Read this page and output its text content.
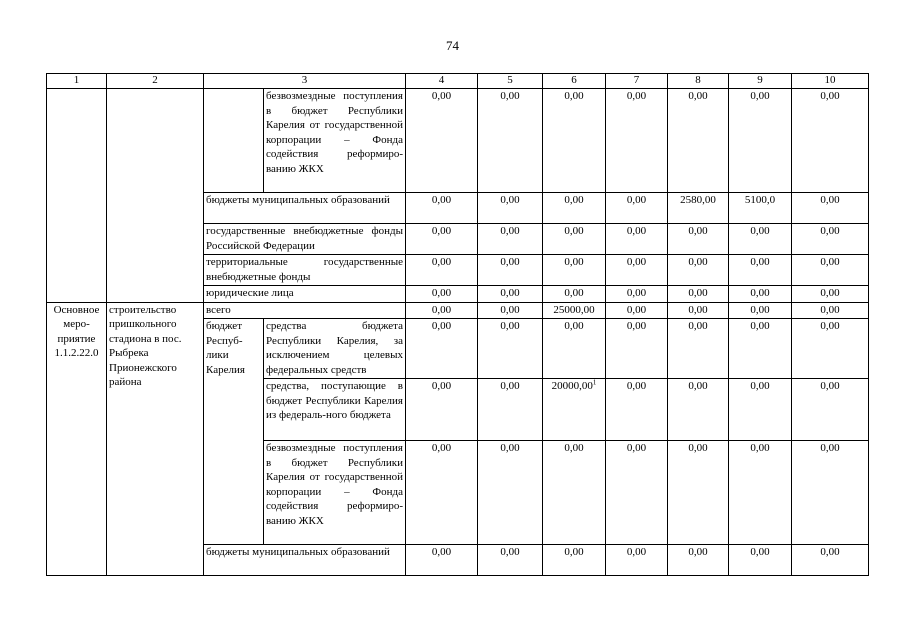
74
1	2	3		4	5	6	7	8	9	10
			безвозмездные поступления в бюджет Республики Карелия от государственной корпорации – Фонда содействия реформиро-ванию ЖКХ	0,00	0,00	0,00	0,00	0,00	0,00	0,00
		бюджеты муниципальных образований		0,00	0,00	0,00	0,00	2580,00	5100,0	0,00
		государственные внебюджетные фонды Российской Федерации		0,00	0,00	0,00	0,00	0,00	0,00	0,00
		территориальные государственные внебюджетные фонды		0,00	0,00	0,00	0,00	0,00	0,00	0,00
		юридические лица		0,00	0,00	0,00	0,00	0,00	0,00	0,00
Основное меро-приятие 1.1.2.22.0	строительство пришкольного стадиона в пос. Рыбрека Прионежского района	всего		0,00	0,00	25000,00	0,00	0,00	0,00	0,00
		бюджет Респуб-лики Карелия	средства бюджета Республики Карелия, за исключением целевых федеральных средств	0,00	0,00	0,00	0,00	0,00	0,00	0,00
			средства, поступающие в бюджет Республики Карелия из федераль-ного бюджета	0,00	0,00	20000,00$^1$	0,00	0,00	0,00	0,00
			безвозмездные поступления в бюджет Республики Карелия от государственной корпорации – Фонда содействия реформиро-ванию ЖКХ	0,00	0,00	0,00	0,00	0,00	0,00	0,00
		бюджеты муниципальных образований		0,00	0,00	0,00	0,00	0,00	0,00	0,00
